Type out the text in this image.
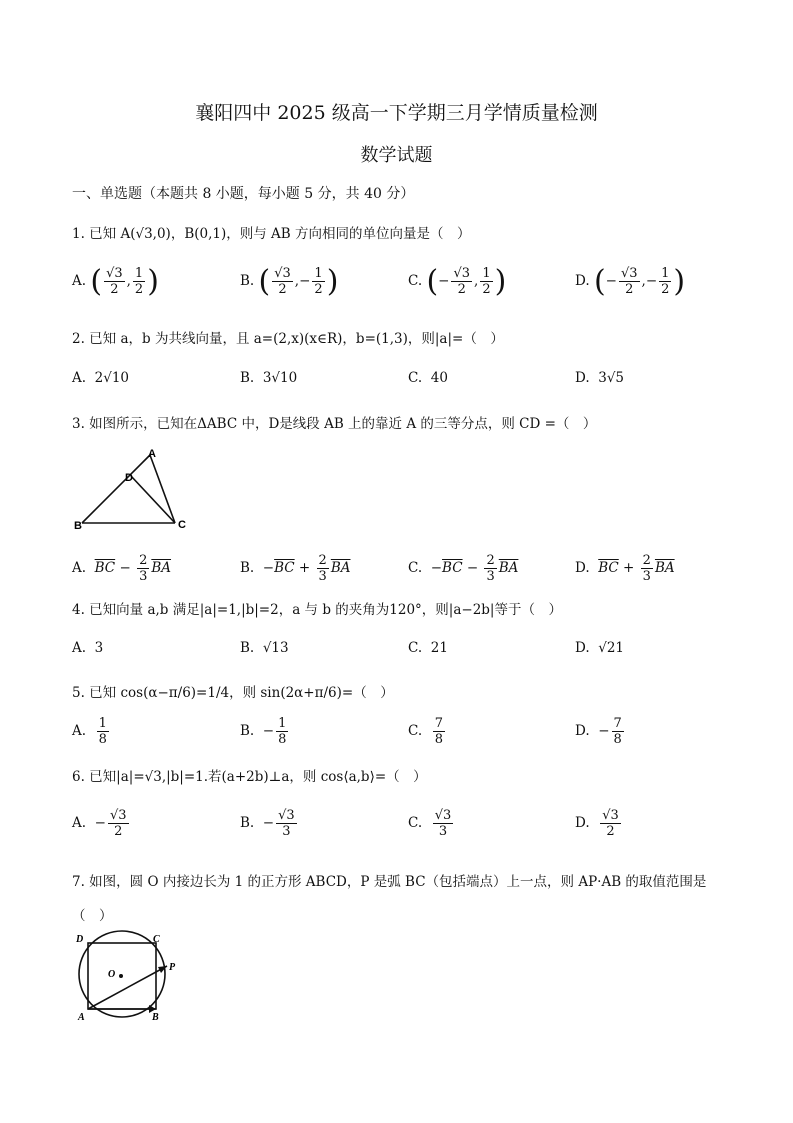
襄阳四中 2025 级高一下学期三月学情质量检测
数学试题
一、单选题（本题共 8 小题，每小题 5 分，共 40 分）
1. 已知 A(√3,0)，B(0,1)，则与 AB 方向相同的单位向量是（　）
A. ( $\frac{√3}{2}$ , $\frac{1}{2}$ )	B. ( $\frac{√3}{2}$ ,− $\frac{1}{2}$ )	C. (− $\frac{√3}{2}$ , $\frac{1}{2}$ )	D. (− $\frac{√3}{2}$ ,− $\frac{1}{2}$ )
2. 已知 a，b 为共线向量，且 a=(2,x)(x∈R)，b=(1,3)，则|a|=（　）
A. 2√10	B. 3√10	C. 40	D. 3√5
3. 如图所示，已知在ΔABC 中，D是线段 AB 上的靠近 A 的三等分点，则 CD =（　）
A
B	C
D
A. $\overline{BC} - \frac{2}{3} \overline{BA}$	B.  $-\overline{BC} + \frac{2}{3} \overline{BA}$	C.  $-\overline{BC} - \frac{2}{3} \overline{BA}$	D. $\overline{BC} + \frac{2}{3} \overline{BA}$
4. 已知向量 a,b 满足|a|=1,|b|=2，a 与 b 的夹角为120°，则|a−2b|等于（　）
A. 3	B. √13	C. 21	D. √21
5. 已知 cos(α−π/6)=1/4，则 sin(2α+π/6)=（　）
A. $\frac{1}{8}$	B.  − $\frac{1}{8}$	C. $\frac{7}{8}$	D.  − $\frac{7}{8}$
6. 已知|a|=√3,|b|=1.若(a+2b)⊥a，则 cos⟨a,b⟩=（　）
A.  − $\frac{√3}{2}$	B.  − $\frac{√3}{3}$	C. $\frac{√3}{3}$	D. $\frac{√3}{2}$
7. 如图，圆 O 内接边长为 1 的正方形 ABCD，P 是弧 BC（包括端点）上一点，则 AP·AB 的取值范围是
（　）
D	C
O
P
A	B
